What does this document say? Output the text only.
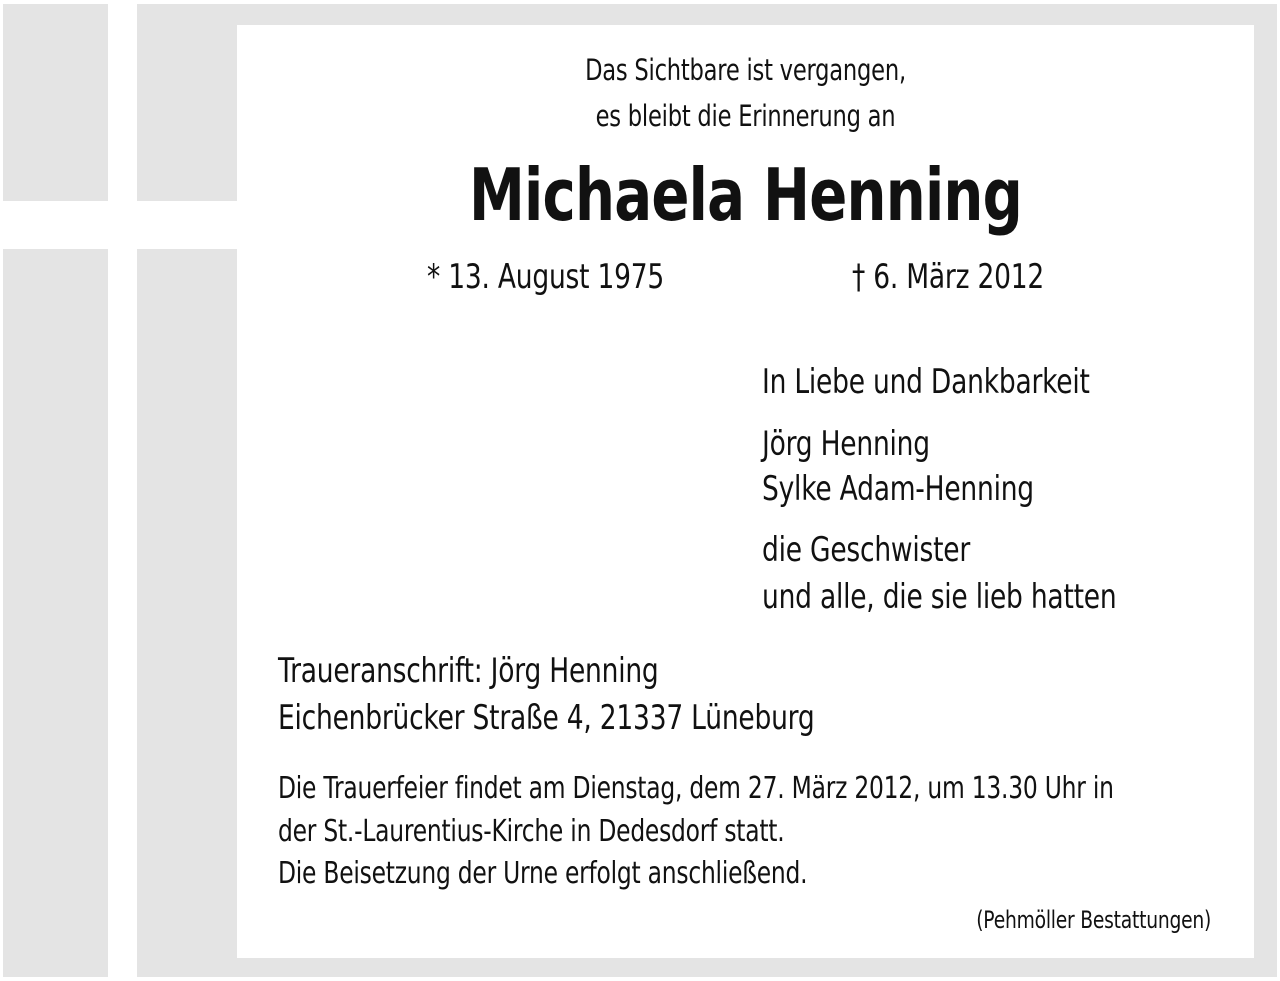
Das Sichtbare ist vergangen,
es bleibt die Erinnerung an
Michaela Henning
* 13. August 1975	† 6. März 2012
In Liebe und Dankbarkeit
Jörg Henning
Sylke Adam-Henning
die Geschwister
und alle, die sie lieb hatten
Traueranschrift: Jörg Henning
Eichenbrücker Straße 4, 21337 Lüneburg
Die Trauerfeier findet am Dienstag, dem 27. März 2012, um 13.30 Uhr in
der St.-Laurentius-Kirche in Dedesdorf statt.
Die Beisetzung der Urne erfolgt anschließend.
(Pehmöller Bestattungen)
